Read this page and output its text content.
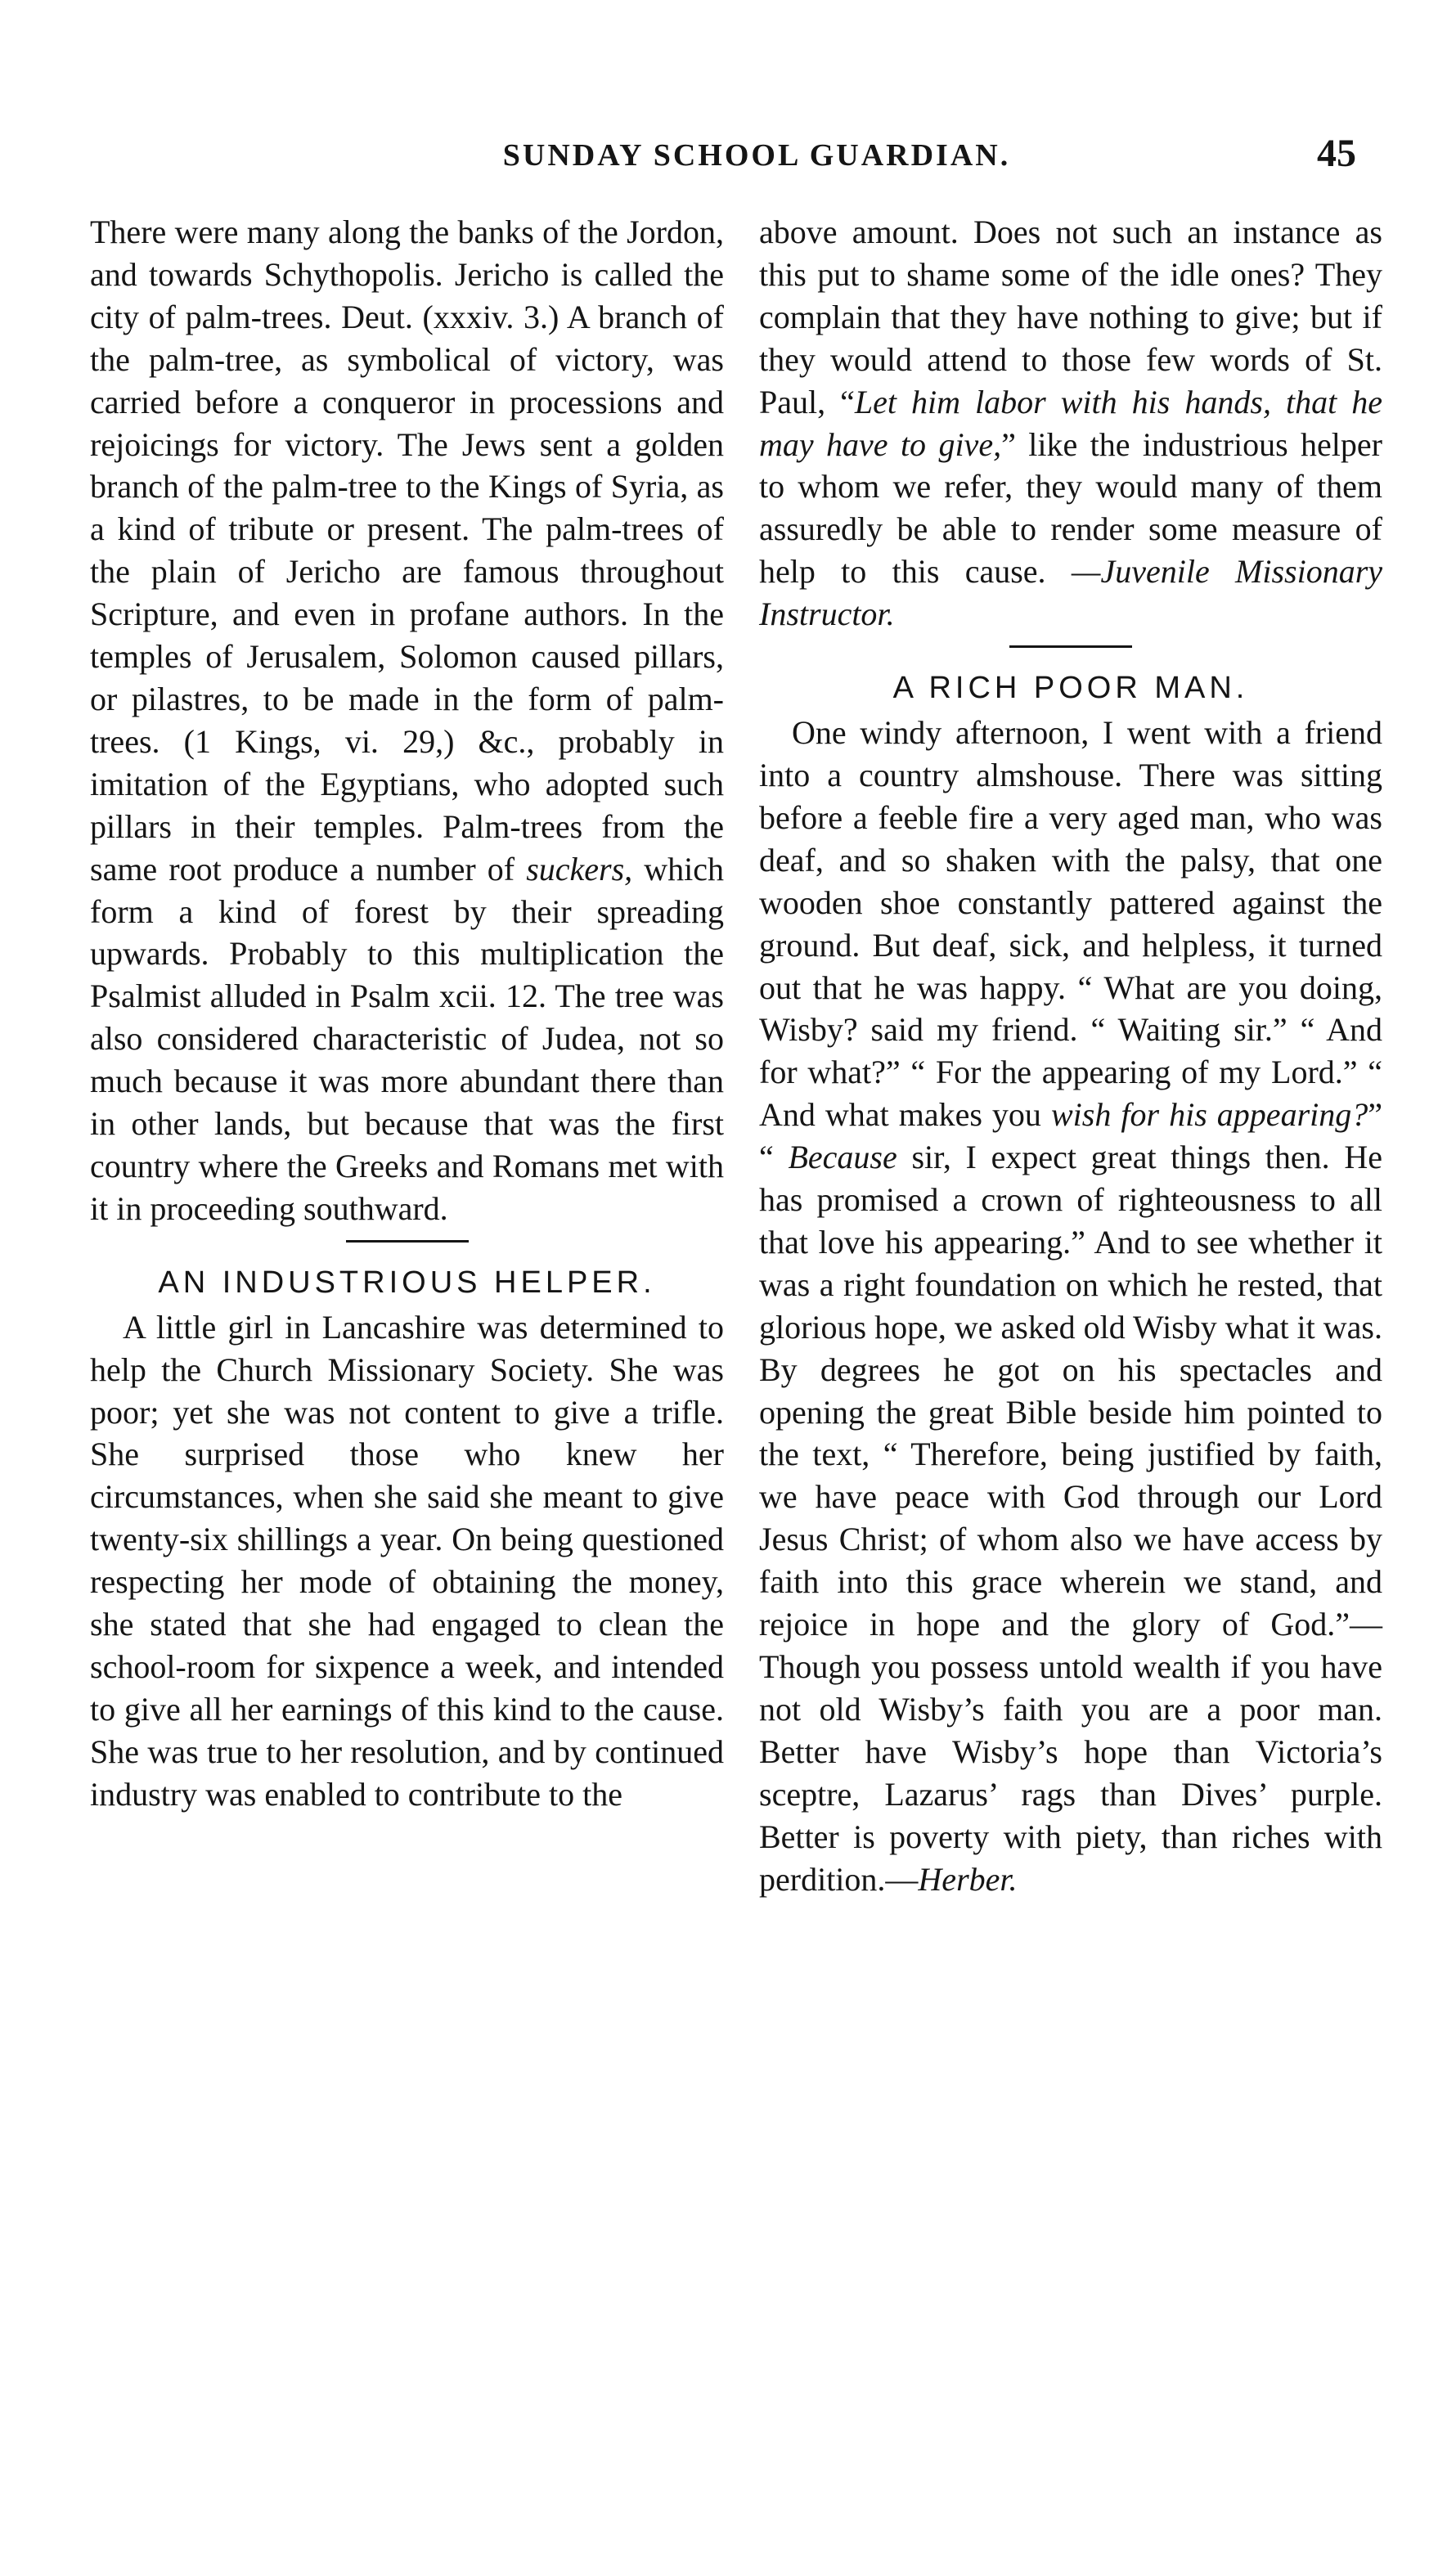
SUNDAY SCHOOL GUARDIAN.	45

There were many along the banks of the Jordon, and towards Schythopolis. Jericho is called the city of palm-trees. Deut. (xxxiv. 3.) A branch of the palm-tree, as symbolical of victory, was carried before a conqueror in processions and rejoicings for victory. The Jews sent a golden branch of the palm-tree to the Kings of Syria, as a kind of tribute or present. The palm-trees of the plain of Jericho are famous throughout Scripture, and even in profane authors. In the temples of Jerusalem, Solomon caused pillars, or pilastres, to be made in the form of palm-trees. (1 Kings, vi. 29,) &c., probably in imitation of the Egyptians, who adopted such pillars in their temples. Palm-trees from the same root produce a number of suckers, which form a kind of forest by their spreading upwards. Probably to this multiplication the Psalmist alluded in Psalm xcii. 12. The tree was also considered characteristic of Judea, not so much because it was more abundant there than in other lands, but because that was the first country where the Greeks and Romans met with it in proceeding southward.

AN INDUSTRIOUS HELPER.

A little girl in Lancashire was determined to help the Church Missionary Society. She was poor; yet she was not content to give a trifle. She surprised those who knew her circumstances, when she said she meant to give twenty-six shillings a year. On being questioned respecting her mode of obtaining the money, she stated that she had engaged to clean the school-room for sixpence a week, and intended to give all her earnings of this kind to the cause. She was true to her resolution, and by continued industry was enabled to contribute to the

above amount. Does not such an instance as this put to shame some of the idle ones? They complain that they have nothing to give; but if they would attend to those few words of St. Paul, “Let him labor with his hands, that he may have to give,” like the industrious helper to whom we refer, they would many of them assuredly be able to render some measure of help to this cause. —Juvenile Missionary Instructor.

A RICH POOR MAN.

One windy afternoon, I went with a friend into a country almshouse. There was sitting before a feeble fire a very aged man, who was deaf, and so shaken with the palsy, that one wooden shoe constantly pattered against the ground. But deaf, sick, and helpless, it turned out that he was happy. “ What are you doing, Wisby? said my friend. “ Waiting sir.” “ And for what?” “ For the appearing of my Lord.” “ And what makes you wish for his appearing?” “ Because sir, I expect great things then. He has promised a crown of righteousness to all that love his appearing.” And to see whether it was a right foundation on which he rested, that glorious hope, we asked old Wisby what it was. By degrees he got on his spectacles and opening the great Bible beside him pointed to the text, “ Therefore, being justified by faith, we have peace with God through our Lord Jesus Christ; of whom also we have access by faith into this grace wherein we stand, and rejoice in hope and the glory of God.”—Though you possess untold wealth if you have not old Wisby’s faith you are a poor man. Better have Wisby’s hope than Victoria’s sceptre, Lazarus’ rags than Dives’ purple. Better is poverty with piety, than riches with perdition.—Herber.
